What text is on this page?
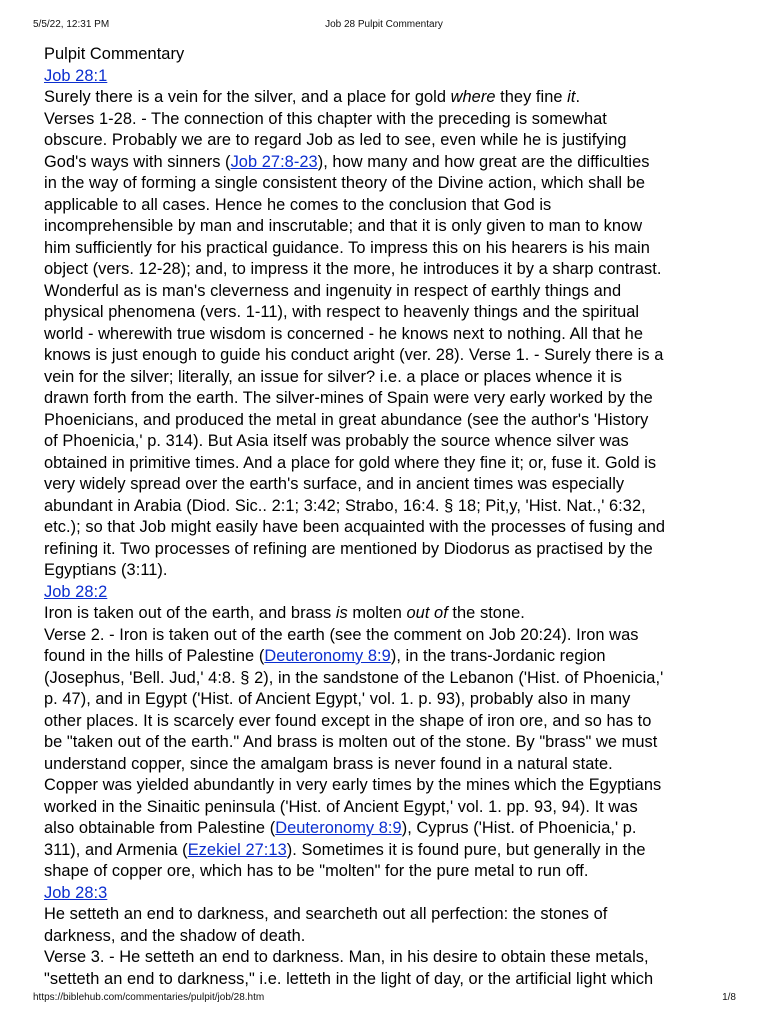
5/5/22, 12:31 PM	Job 28 Pulpit Commentary
Pulpit Commentary
Job 28:1
Surely there is a vein for the silver, and a place for gold where they fine it.
Verses 1-28. - The connection of this chapter with the preceding is somewhat
obscure. Probably we are to regard Job as led to see, even while he is justifying
God's ways with sinners (Job 27:8-23), how many and how great are the difficulties
in the way of forming a single consistent theory of the Divine action, which shall be
applicable to all cases. Hence he comes to the conclusion that God is
incomprehensible by man and inscrutable; and that it is only given to man to know
him sufficiently for his practical guidance. To impress this on his hearers is his main
object (vers. 12-28); and, to impress it the more, he introduces it by a sharp contrast.
Wonderful as is man's cleverness and ingenuity in respect of earthly things and
physical phenomena (vers. 1-11), with respect to heavenly things and the spiritual
world - wherewith true wisdom is concerned - he knows next to nothing. All that he
knows is just enough to guide his conduct aright (ver. 28). Verse 1. - Surely there is a
vein for the silver; literally, an issue for silver? i.e. a place or places whence it is
drawn forth from the earth. The silver-mines of Spain were very early worked by the
Phoenicians, and produced the metal in great abundance (see the author's 'History
of Phoenicia,' p. 314). But Asia itself was probably the source whence silver was
obtained in primitive times. And a place for gold where they fine it; or, fuse it. Gold is
very widely spread over the earth's surface, and in ancient times was especially
abundant in Arabia (Diod. Sic.. 2:1; 3:42; Strabo, 16:4. § 18; Pit,y, 'Hist. Nat.,' 6:32,
etc.); so that Job might easily have been acquainted with the processes of fusing and
refining it. Two processes of refining are mentioned by Diodorus as practised by the
Egyptians (3:11).
Job 28:2
Iron is taken out of the earth, and brass is molten out of the stone.
Verse 2. - Iron is taken out of the earth (see the comment on Job 20:24). Iron was
found in the hills of Palestine (Deuteronomy 8:9), in the trans-Jordanic region
(Josephus, 'Bell. Jud,' 4:8. § 2), in the sandstone of the Lebanon ('Hist. of Phoenicia,'
p. 47), and in Egypt ('Hist. of Ancient Egypt,' vol. 1. p. 93), probably also in many
other places. It is scarcely ever found except in the shape of iron ore, and so has to
be "taken out of the earth." And brass is molten out of the stone. By "brass" we must
understand copper, since the amalgam brass is never found in a natural state.
Copper was yielded abundantly in very early times by the mines which the Egyptians
worked in the Sinaitic peninsula ('Hist. of Ancient Egypt,' vol. 1. pp. 93, 94). It was
also obtainable from Palestine (Deuteronomy 8:9), Cyprus ('Hist. of Phoenicia,' p.
311), and Armenia (Ezekiel 27:13). Sometimes it is found pure, but generally in the
shape of copper ore, which has to be "molten" for the pure metal to run off.
Job 28:3
He setteth an end to darkness, and searcheth out all perfection: the stones of
darkness, and the shadow of death.
Verse 3. - He setteth an end to darkness. Man, in his desire to obtain these metals,
"setteth an end to darkness," i.e. letteth in the light of day, or the artificial light which
https://biblehub.com/commentaries/pulpit/job/28.htm	1/8
